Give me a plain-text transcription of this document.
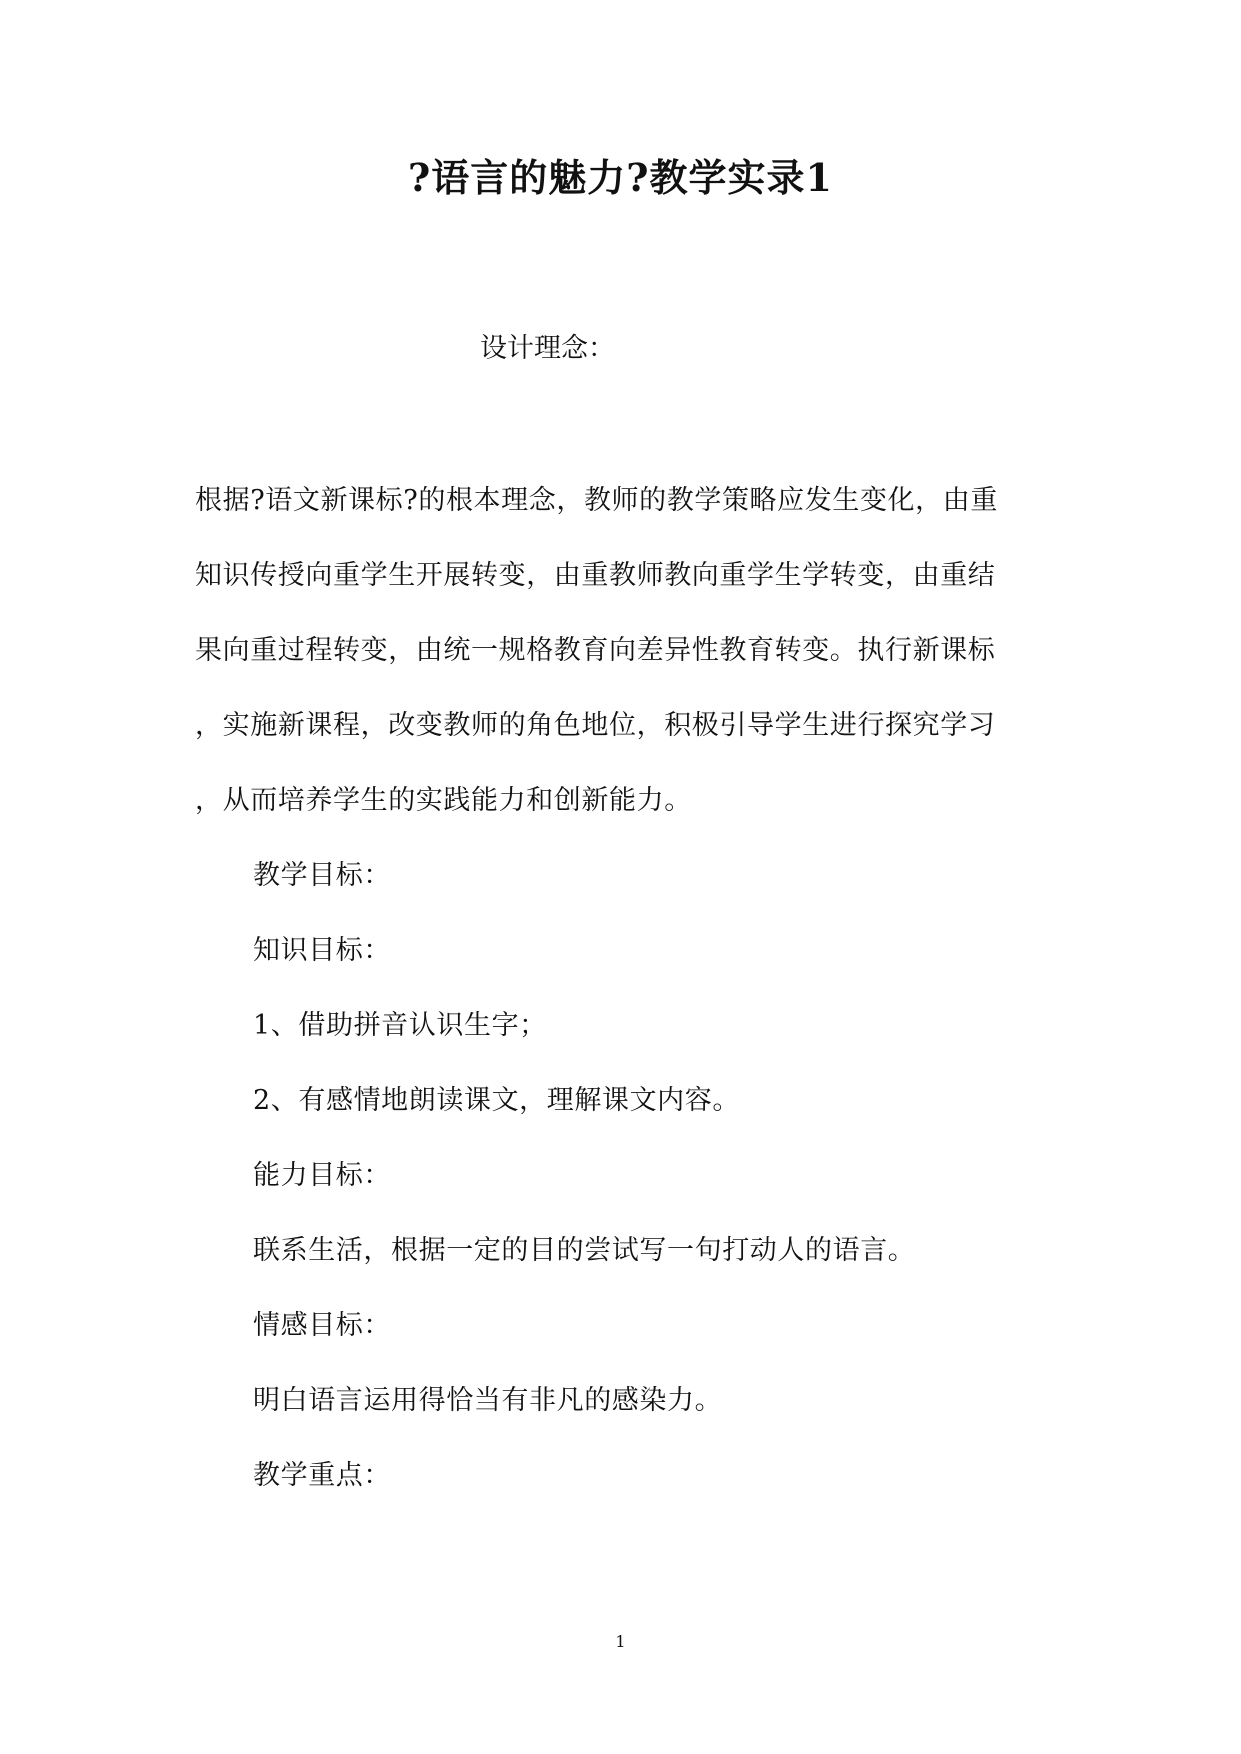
?语言的魅力?教学实录1
设计理念：
根据?语文新课标?的根本理念，教师的教学策略应发生变化，由重
知识传授向重学生开展转变，由重教师教向重学生学转变，由重结
果向重过程转变，由统一规格教育向差异性教育转变。执行新课标
，实施新课程，改变教师的角色地位，积极引导学生进行探究学习
，从而培养学生的实践能力和创新能力。
教学目标：
知识目标：
1、借助拼音认识生字；
2、有感情地朗读课文，理解课文内容。
能力目标：
联系生活，根据一定的目的尝试写一句打动人的语言。
情感目标：
明白语言运用得恰当有非凡的感染力。
教学重点：
1
